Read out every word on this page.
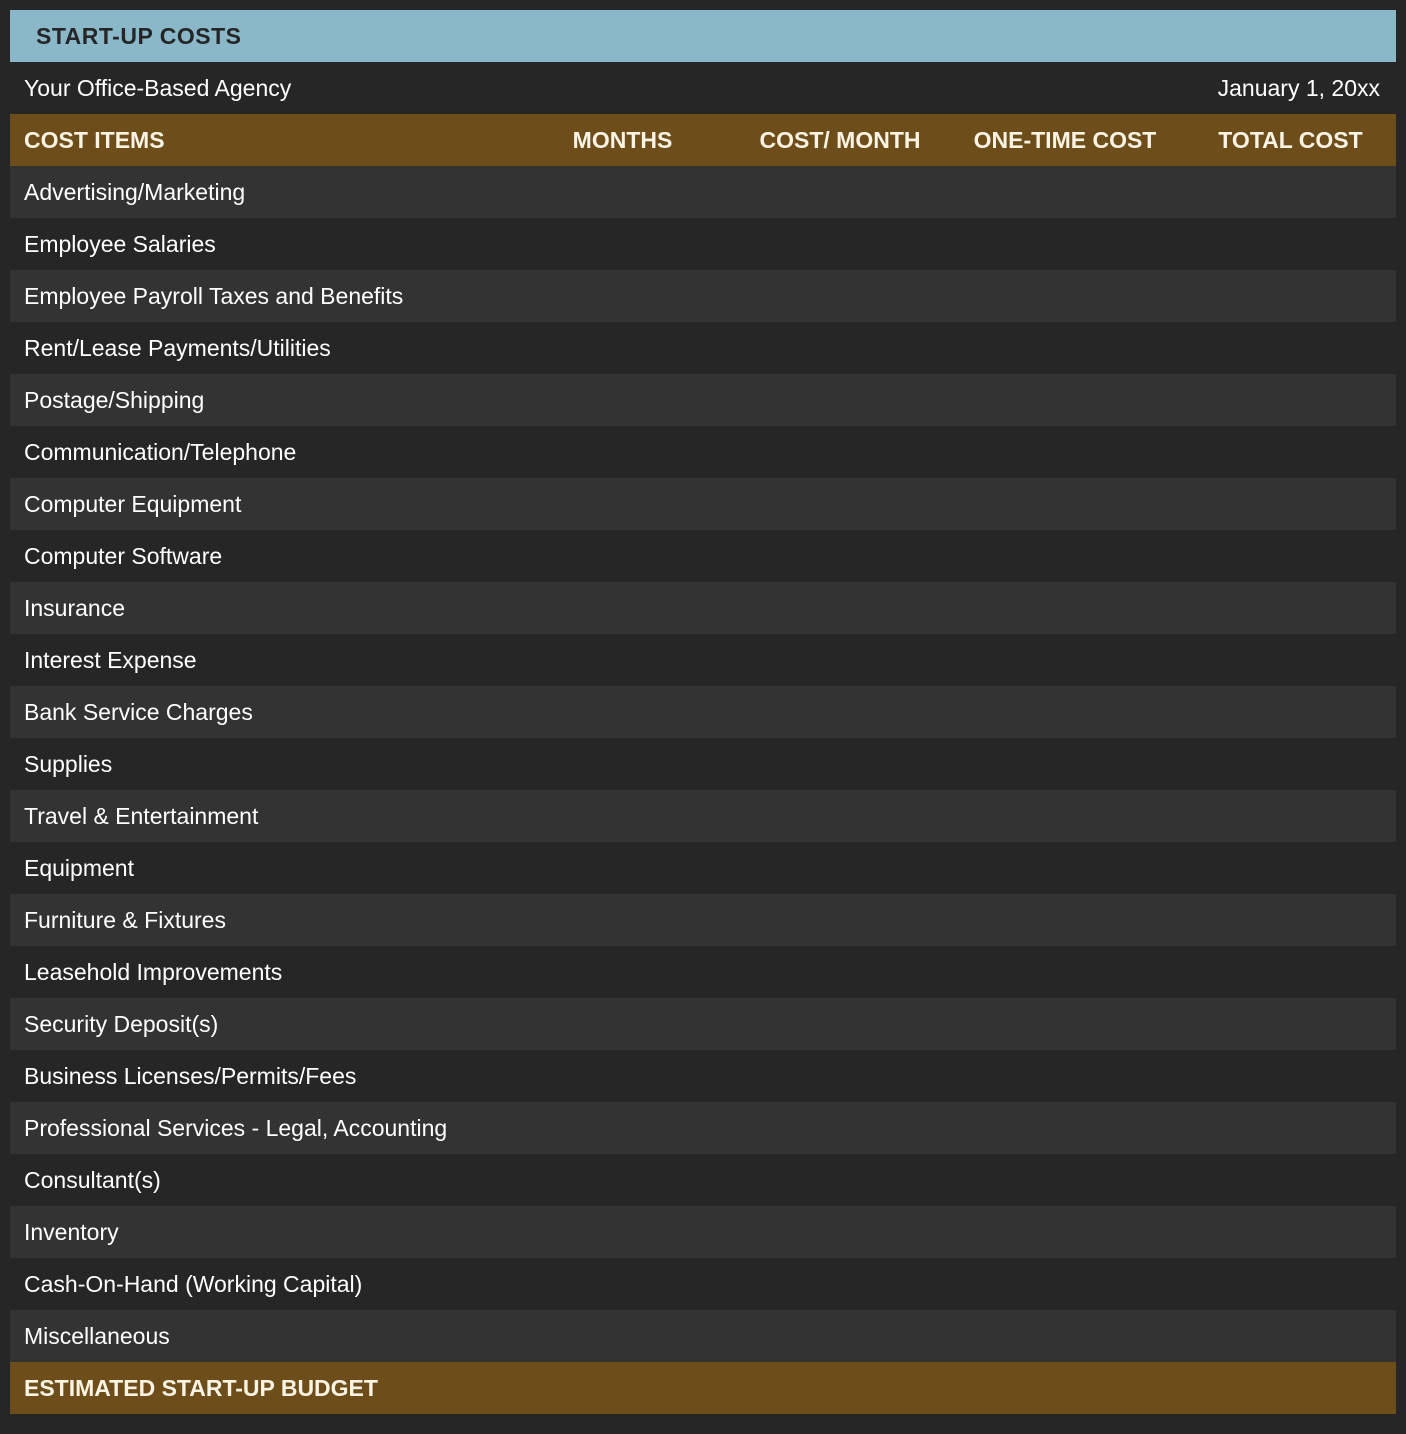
START-UP COSTS
Your Office-Based Agency	January 1, 20xx
COST ITEMS	MONTHS	COST/ MONTH	ONE-TIME COST	TOTAL COST
Advertising/Marketing
Employee Salaries
Employee Payroll Taxes and Benefits
Rent/Lease Payments/Utilities
Postage/Shipping
Communication/Telephone
Computer Equipment
Computer Software
Insurance
Interest Expense
Bank Service Charges
Supplies
Travel & Entertainment
Equipment
Furniture & Fixtures
Leasehold Improvements
Security Deposit(s)
Business Licenses/Permits/Fees
Professional Services - Legal, Accounting
Consultant(s)
Inventory
Cash-On-Hand (Working Capital)
Miscellaneous
ESTIMATED START-UP BUDGET
